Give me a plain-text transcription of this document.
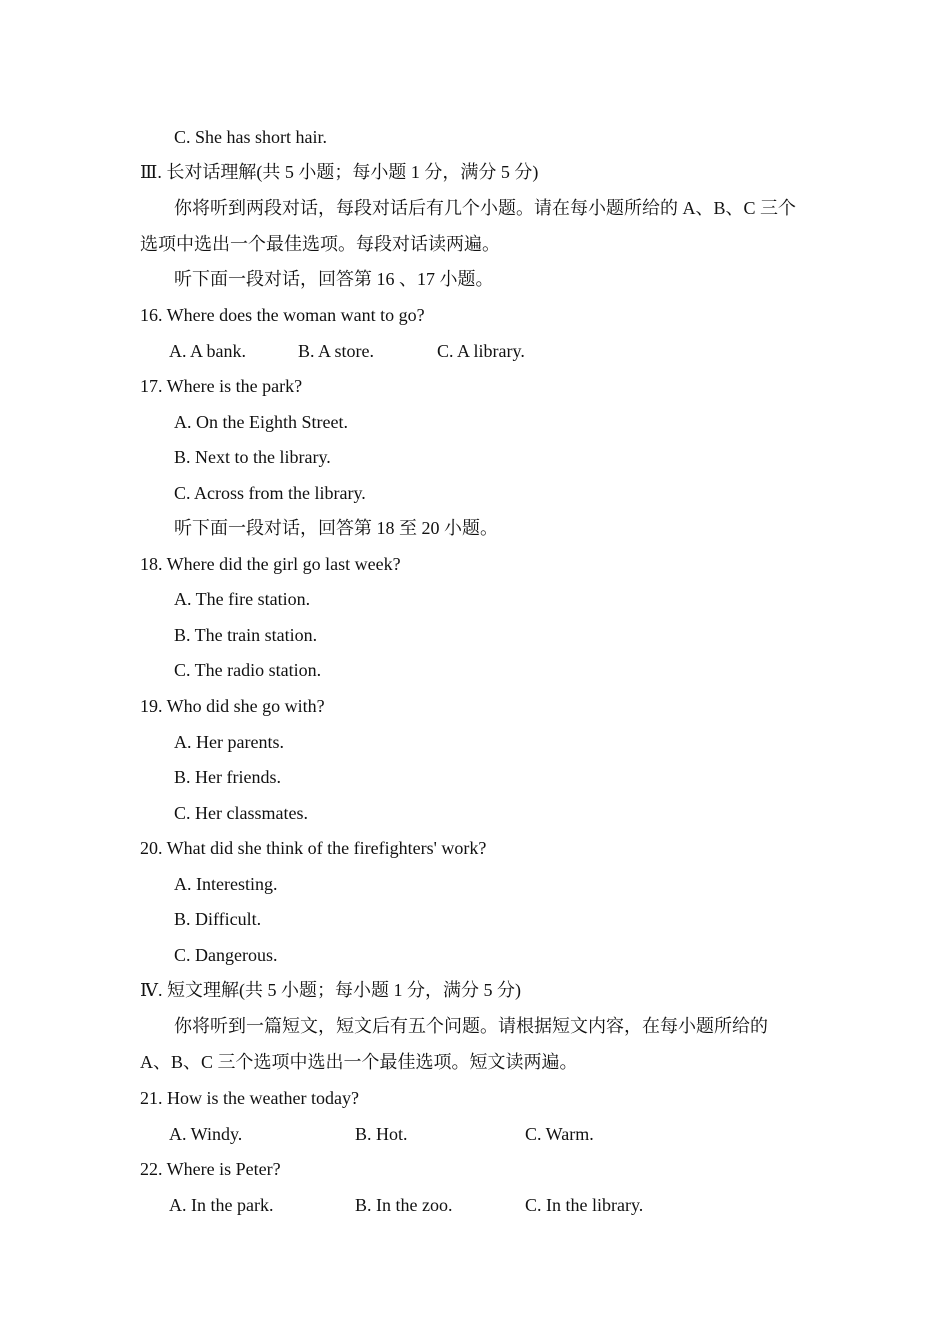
C. She has short hair.
Ⅲ. 长对话理解(共 5 小题；每小题 1 分，满分 5 分)
你将听到两段对话，每段对话后有几个小题。请在每小题所给的 A、B、C 三个
选项中选出一个最佳选项。每段对话读两遍。
听下面一段对话，回答第 16 、17 小题。
16. Where does the woman want to go?
A. A bank.	B. A store.	C. A library.
17. Where is the park?
A. On the Eighth Street.
B. Next to the library.
C. Across from the library.
听下面一段对话，回答第 18 至 20 小题。
18. Where did the girl go last week?
A. The fire station.
B. The train station.
C. The radio station.
19. Who did she go with?
A. Her parents.
B. Her friends.
C. Her classmates.
20. What did she think of the firefighters' work?
A. Interesting.
B. Difficult.
C. Dangerous.
Ⅳ. 短文理解(共 5 小题；每小题 1 分，满分 5 分)
你将听到一篇短文，短文后有五个问题。请根据短文内容，在每小题所给的
A、B、C 三个选项中选出一个最佳选项。短文读两遍。
21. How is the weather today?
A. Windy.	B. Hot.	C. Warm.
22. Where is Peter?
A. In the park.	B. In the zoo.	C. In the library.
